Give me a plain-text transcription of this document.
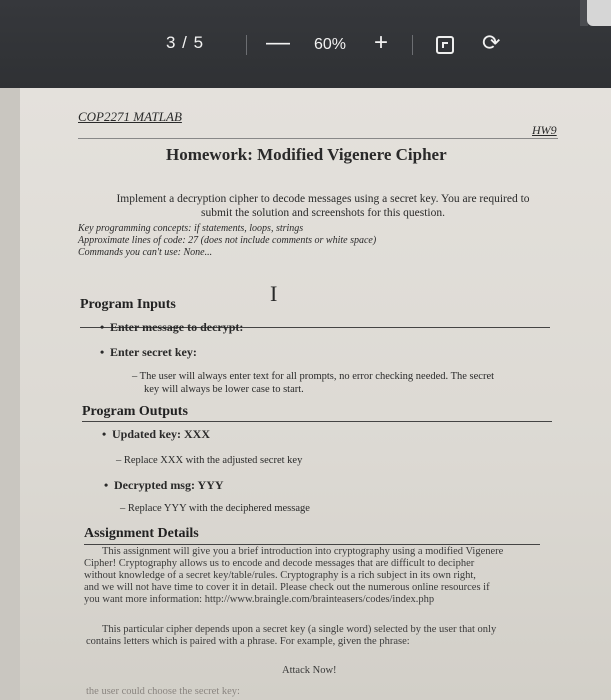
3 / 5	— 60% +	⟳
COP2271 MATLAB
HW9
Homework: Modified Vigenere Cipher
Implement a decryption cipher to decode messages using a secret key. You are required to
submit the solution and screenshots for this question.
Key programming concepts: if statements, loops, strings
Approximate lines of code: 27 (does not include comments or white space)
Commands you can't use: None...
I
Program Inputs
• Enter message to decrypt:
• Enter secret key:
– The user will always enter text for all prompts, no error checking needed. The secret
key will always be lower case to start.
Program Outputs
• Updated key: XXX
– Replace XXX with the adjusted secret key
• Decrypted msg: YYY
– Replace YYY with the deciphered message
Assignment Details
This assignment will give you a brief introduction into cryptography using a modified Vigenere
Cipher! Cryptography allows us to encode and decode messages that are difficult to decipher
without knowledge of a secret key/table/rules. Cryptography is a rich subject in its own right,
and we will not have time to cover it in detail. Please check out the numerous online resources if
you want more information: http://www.braingle.com/brainteasers/codes/index.php
This particular cipher depends upon a secret key (a single word) selected by the user that only
contains letters which is paired with a phrase. For example, given the phrase:
Attack Now!
the user could choose the secret key:
